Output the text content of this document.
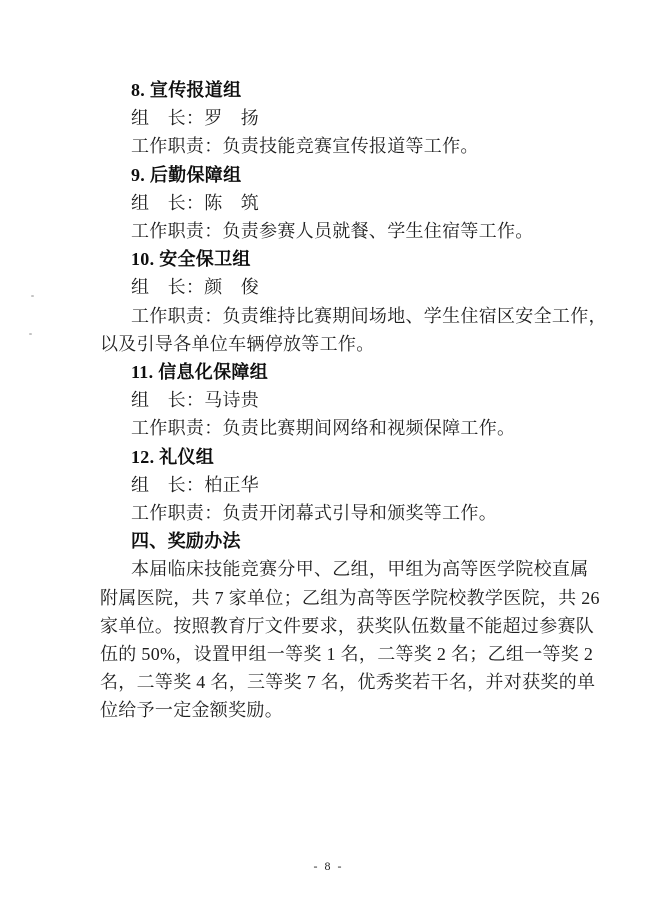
8. 宣传报道组
组　长：罗　扬
工作职责：负责技能竞赛宣传报道等工作。
9. 后勤保障组
组　长：陈　筑
工作职责：负责参赛人员就餐、学生住宿等工作。
10. 安全保卫组
组　长：颜　俊
工作职责：负责维持比赛期间场地、学生住宿区安全工作，
以及引导各单位车辆停放等工作。
11. 信息化保障组
组　长：马诗贵
工作职责：负责比赛期间网络和视频保障工作。
12. 礼仪组
组　长：柏正华
工作职责：负责开闭幕式引导和颁奖等工作。
四、奖励办法
本届临床技能竞赛分甲、乙组，甲组为高等医学院校直属
附属医院，共 7 家单位；乙组为高等医学院校教学医院，共 26
家单位。按照教育厅文件要求，获奖队伍数量不能超过参赛队
伍的 50%，设置甲组一等奖 1 名，二等奖 2 名；乙组一等奖 2
名，二等奖 4 名，三等奖 7 名，优秀奖若干名，并对获奖的单
位给予一定金额奖励。
- 8 -
